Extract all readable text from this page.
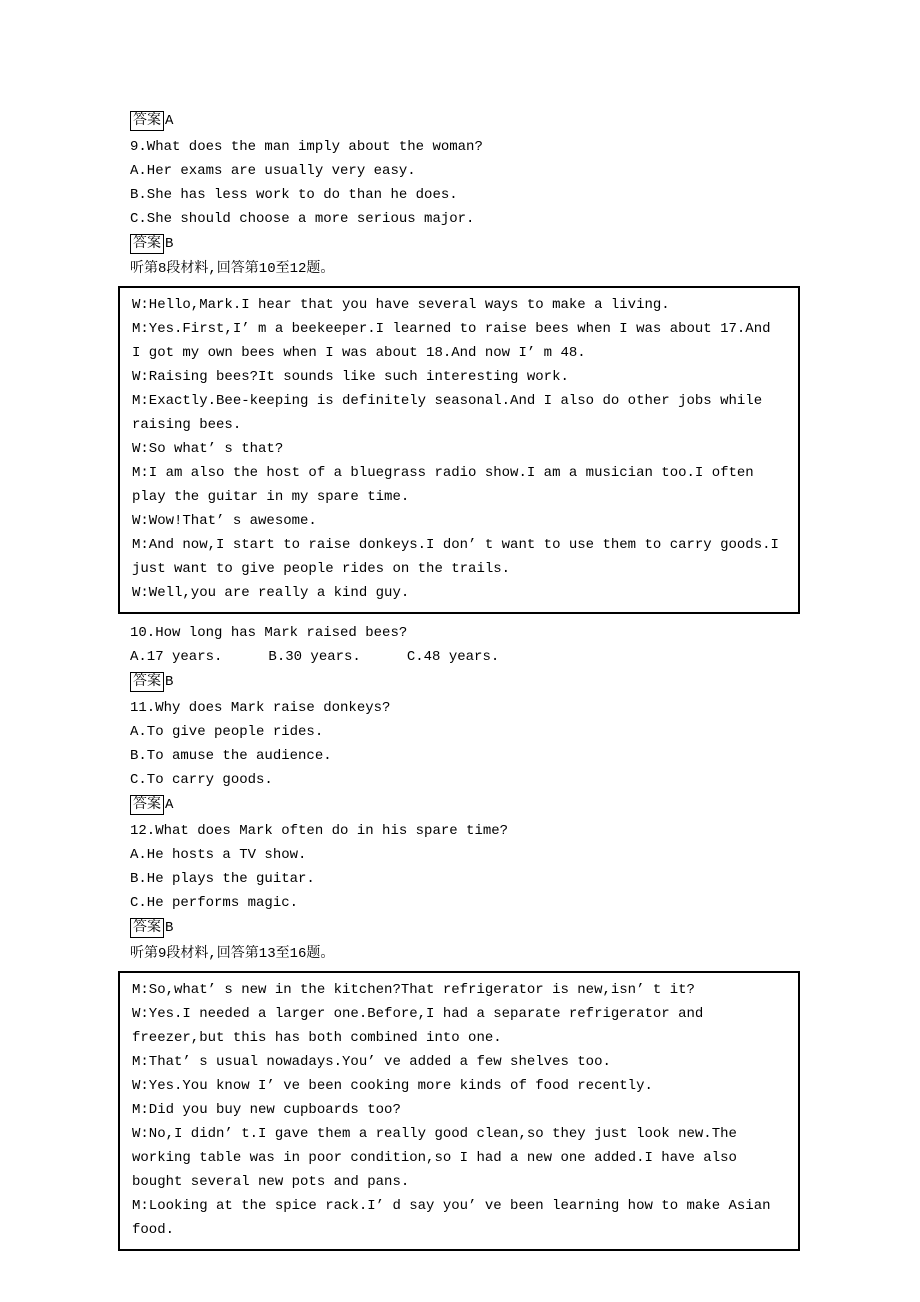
答案 A
9.What does the man imply about the woman?
A.Her exams are usually very easy.
B.She has less work to do than he does.
C.She should choose a more serious major.
答案 B
听第8段材料,回答第10至12题。

W:Hello,Mark.I hear that you have several ways to make a living.

M:Yes.First,I’ m a beekeeper.I learned to raise bees when I was about 17.And I got my own bees when I was about 18.And now I’ m 48.

W:Raising bees?It sounds like such interesting work.

M:Exactly.Bee-keeping is definitely seasonal.And I also do other jobs while raising bees.

W:So what’ s that?

M:I am also the host of a bluegrass radio show.I am a musician too.I often play the guitar in my spare time.

W:Wow!That’ s awesome.

M:And now,I start to raise donkeys.I don’ t want to use them to carry goods.I just want to give people rides on the trails.

W:Well,you are really a kind guy.

10.How long has Mark raised bees?
A.17 years.	B.30 years.	C.48 years.
答案 B
11.Why does Mark raise donkeys?
A.To give people rides.
B.To amuse the audience.
C.To carry goods.
答案 A
12.What does Mark often do in his spare time?
A.He hosts a TV show.
B.He plays the guitar.
C.He performs magic.
答案 B
听第9段材料,回答第13至16题。

M:So,what’ s new in the kitchen?That refrigerator is new,isn’ t it?

W:Yes.I needed a larger one.Before,I had a separate refrigerator and freezer,but this has both combined into one.

M:That’ s usual nowadays.You’ ve added a few shelves too.

W:Yes.You know I’ ve been cooking more kinds of food recently.

M:Did you buy new cupboards too?

W:No,I didn’ t.I gave them a really good clean,so they just look new.The working table was in poor condition,so I had a new one added.I have also bought several new pots and pans.

M:Looking at the spice rack.I’ d say you’ ve been learning how to make Asian food.
